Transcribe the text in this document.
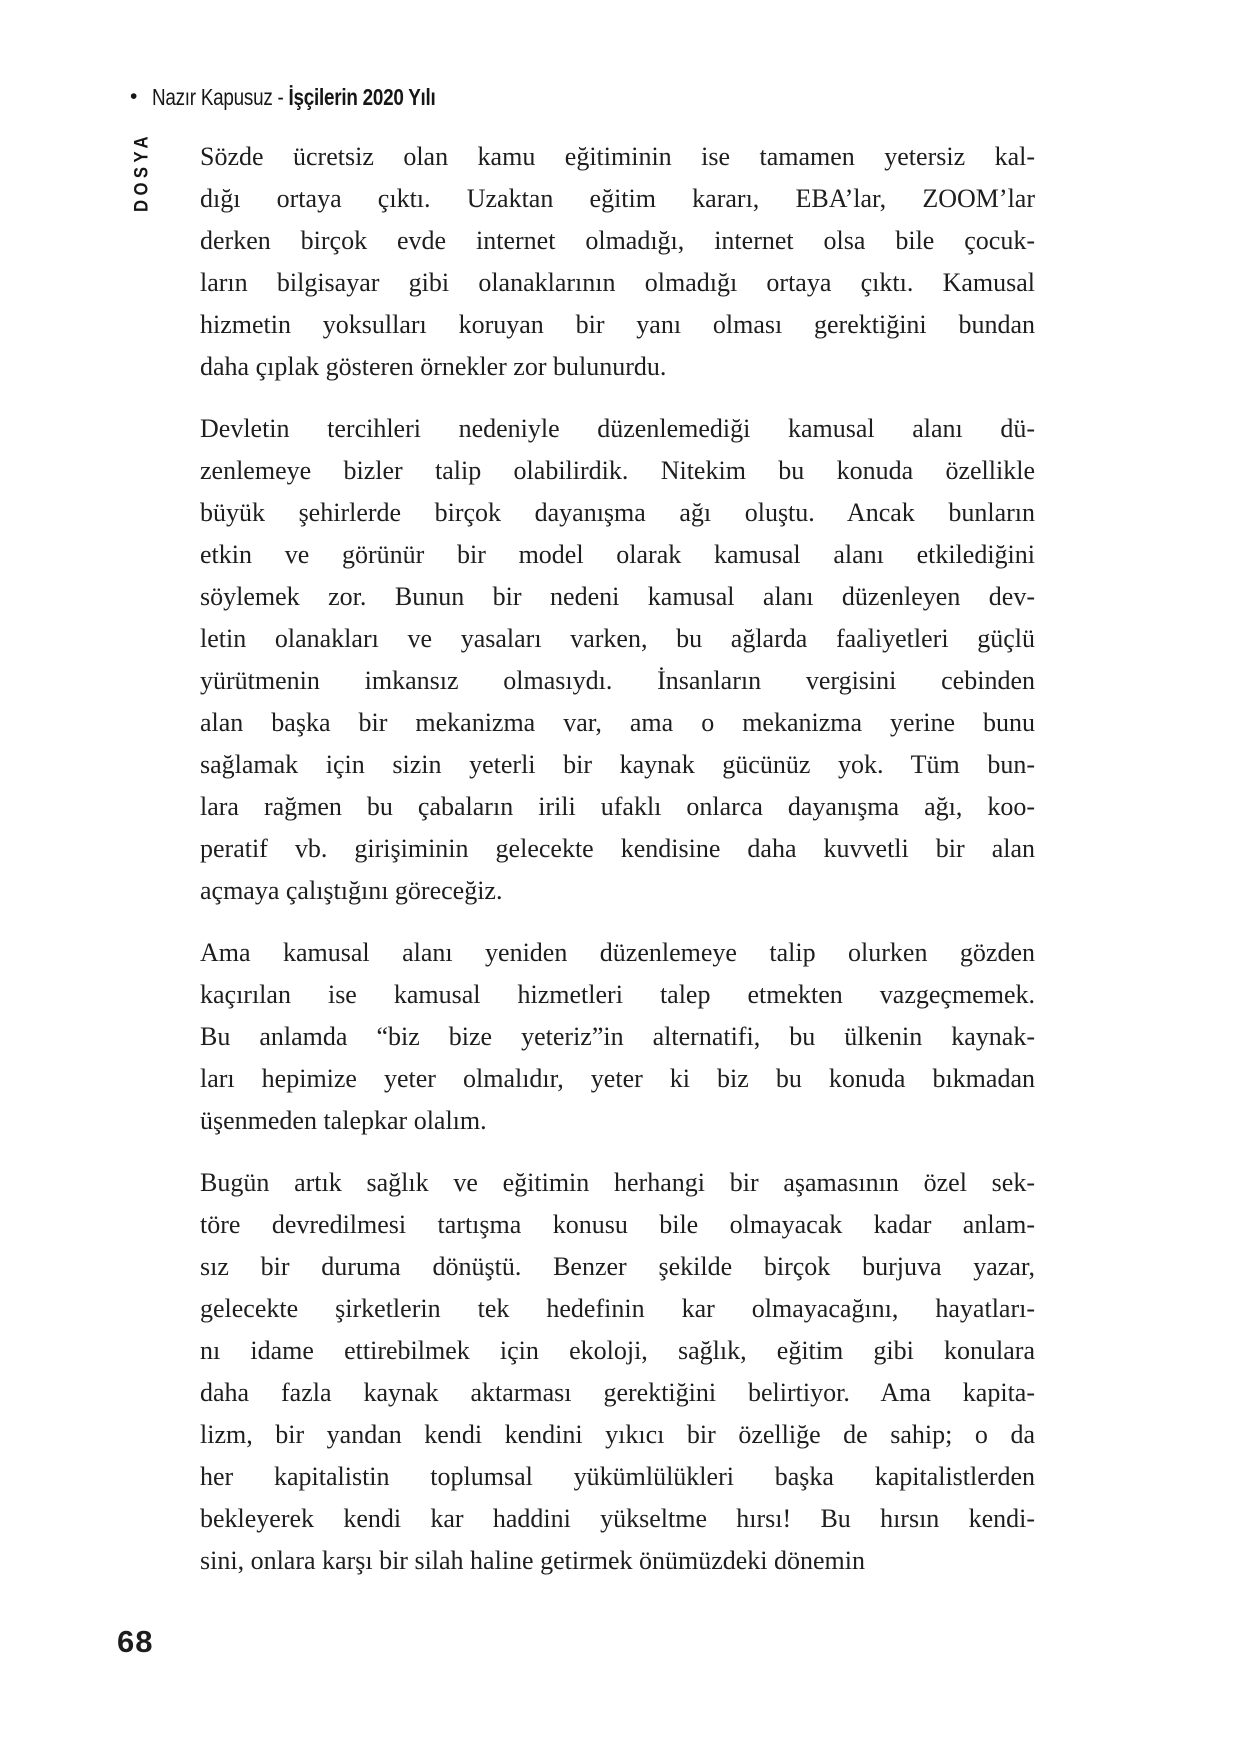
• Nazır Kapusuz - İşçilerin 2020 Yılı
DOSYA Sözde ücretsiz olan kamu eğitiminin ise tamamen yetersiz kal-
dığı ortaya çıktı. Uzaktan eğitim kararı, EBA’lar, ZOOM’lar
derken birçok evde internet olmadığı, internet olsa bile çocuk-
ların bilgisayar gibi olanaklarının olmadığı ortaya çıktı. Kamusal
hizmetin yoksulları koruyan bir yanı olması gerektiğini bundan
daha çıplak gösteren örnekler zor bulunurdu.
Devletin tercihleri nedeniyle düzenlemediği kamusal alanı dü-
zenlemeye bizler talip olabilirdik. Nitekim bu konuda özellikle
büyük şehirlerde birçok dayanışma ağı oluştu. Ancak bunların
etkin ve görünür bir model olarak kamusal alanı etkilediğini
söylemek zor. Bunun bir nedeni kamusal alanı düzenleyen dev-
letin olanakları ve yasaları varken, bu ağlarda faaliyetleri güçlü
yürütmenin imkansız olmasıydı. İnsanların vergisini cebinden
alan başka bir mekanizma var, ama o mekanizma yerine bunu
sağlamak için sizin yeterli bir kaynak gücünüz yok. Tüm bun-
lara rağmen bu çabaların irili ufaklı onlarca dayanışma ağı, koo-
peratif vb. girişiminin gelecekte kendisine daha kuvvetli bir alan
açmaya çalıştığını göreceğiz.
Ama kamusal alanı yeniden düzenlemeye talip olurken gözden
kaçırılan ise kamusal hizmetleri talep etmekten vazgeçmemek.
Bu anlamda “biz bize yeteriz”in alternatifi, bu ülkenin kaynak-
ları hepimize yeter olmalıdır, yeter ki biz bu konuda bıkmadan
üşenmeden talepkar olalım.
Bugün artık sağlık ve eğitimin herhangi bir aşamasının özel sek-
töre devredilmesi tartışma konusu bile olmayacak kadar anlam-
sız bir duruma dönüştü. Benzer şekilde birçok burjuva yazar,
gelecekte şirketlerin tek hedefinin kar olmayacağını, hayatları-
nı idame ettirebilmek için ekoloji, sağlık, eğitim gibi konulara
daha fazla kaynak aktarması gerektiğini belirtiyor. Ama kapita-
lizm, bir yandan kendi kendini yıkıcı bir özelliğe de sahip; o da
her kapitalistin toplumsal yükümlülükleri başka kapitalistlerden
bekleyerek kendi kar haddini yükseltme hırsı! Bu hırsın kendi-
sini, onlara karşı bir silah haline getirmek önümüzdeki dönemin
68
